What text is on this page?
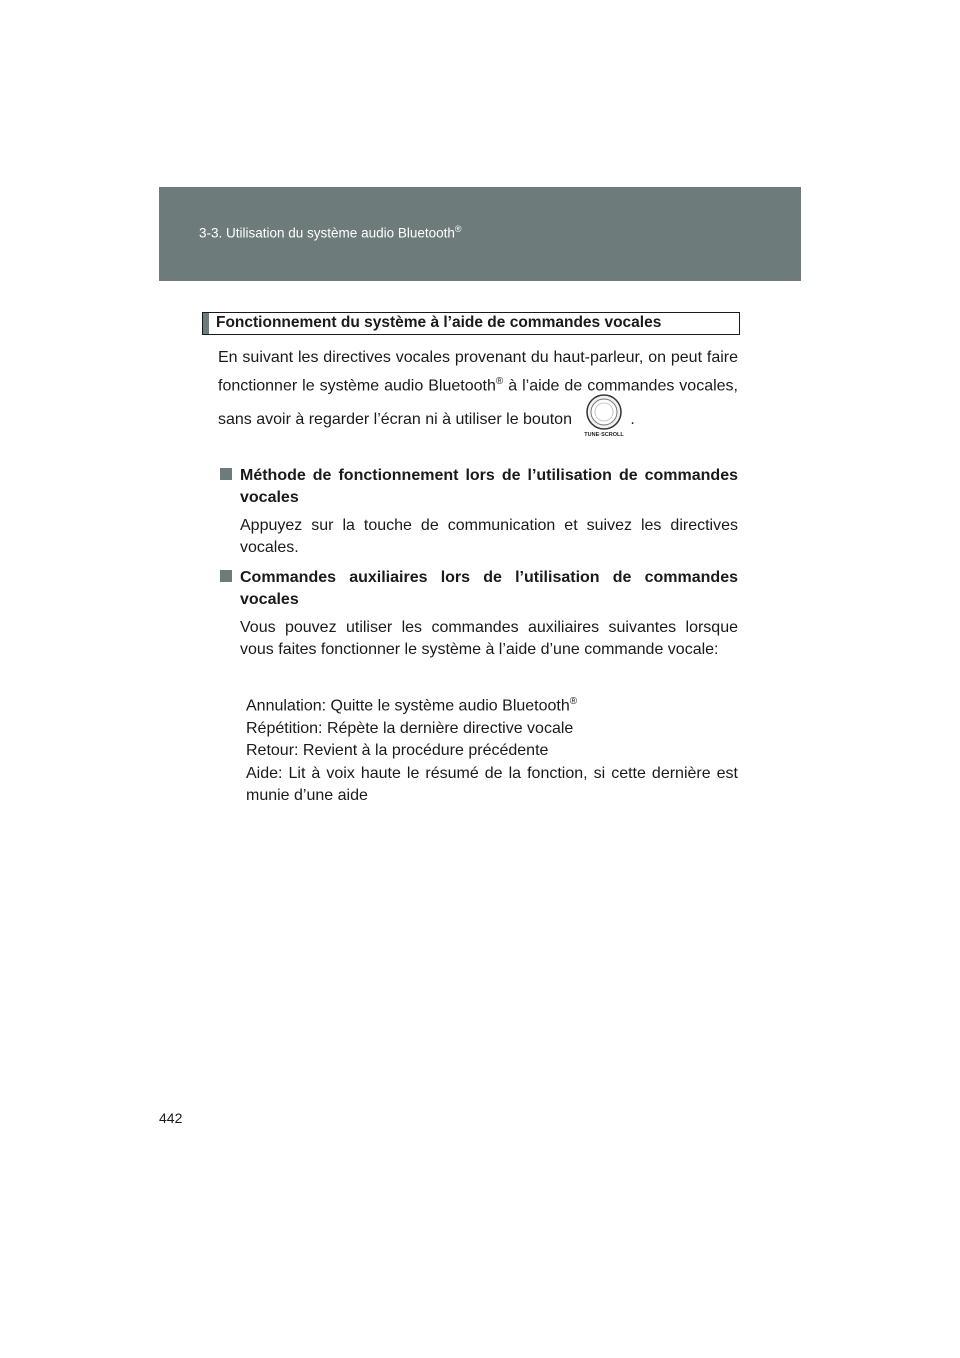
3-3. Utilisation du système audio Bluetooth®
Fonctionnement du système à l’aide de commandes vocales
En suivant les directives vocales provenant du haut-parleur, on peut faire fonctionner le système audio Bluetooth® à l’aide de commandes vocales, sans avoir à regarder l’écran ni à utiliser le bouton
TUNE·SCROLL
.
Méthode de fonctionnement lors de l’utilisation de commandes vocales
Appuyez sur la touche de communication et suivez les directives vocales.
Commandes auxiliaires lors de l’utilisation de commandes vocales
Vous pouvez utiliser les commandes auxiliaires suivantes lorsque vous faites fonctionner le système à l’aide d’une commande vocale:
Annulation: Quitte le système audio Bluetooth®
Répétition: Répète la dernière directive vocale
Retour: Revient à la procédure précédente
Aide: Lit à voix haute le résumé de la fonction, si cette dernière est munie d’une aide
442
